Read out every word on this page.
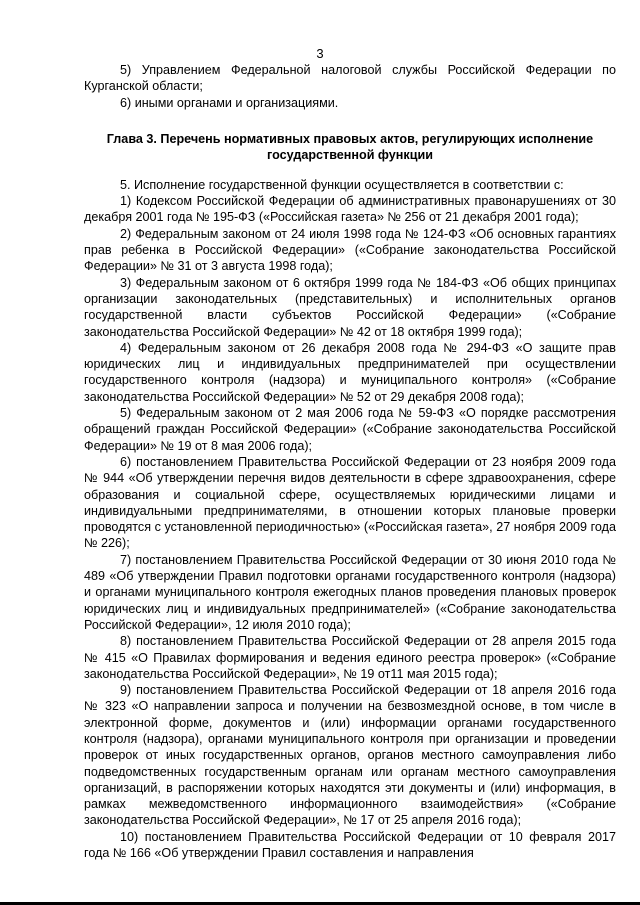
3

5) Управлением Федеральной налоговой службы Российской Федерации по Курганской области;

6) иными органами и организациями.

Глава 3. Перечень нормативных правовых актов, регулирующих исполнение государственной функции

5. Исполнение государственной функции осуществляется в соответствии с:

1) Кодексом Российской Федерации об административных правонарушениях от 30 декабря 2001 года № 195-ФЗ («Российская газета» № 256 от 21 декабря 2001 года);

2) Федеральным законом от 24 июля 1998 года № 124-ФЗ «Об основных гарантиях прав ребенка в Российской Федерации» («Собрание законодательства Российской Федерации» № 31 от 3 августа 1998 года);

3) Федеральным законом от 6 октября 1999 года № 184-ФЗ «Об общих принципах организации законодательных (представительных) и исполнительных органов государственной власти субъектов Российской Федерации» («Собрание законодательства Российской Федерации» № 42 от 18 октября 1999 года);

4) Федеральным законом от 26 декабря 2008 года № 294-ФЗ «О защите прав юридических лиц и индивидуальных предпринимателей при осуществлении государственного контроля (надзора) и муниципального контроля» («Собрание законодательства Российской Федерации» № 52 от 29 декабря 2008 года);

5) Федеральным законом от 2 мая 2006 года № 59-ФЗ «О порядке рассмотрения обращений граждан Российской Федерации» («Собрание законодательства Российской Федерации» № 19 от 8 мая 2006 года);

6) постановлением Правительства Российской Федерации от 23 ноября 2009 года № 944 «Об утверждении перечня видов деятельности в сфере здравоохранения, сфере образования и социальной сфере, осуществляемых юридическими лицами и индивидуальными предпринимателями, в отношении которых плановые проверки проводятся с установленной периодичностью» («Российская газета», 27 ноября 2009 года № 226);

7) постановлением Правительства Российской Федерации от 30 июня 2010 года № 489 «Об утверждении Правил подготовки органами государственного контроля (надзора) и органами муниципального контроля ежегодных планов проведения плановых проверок юридических лиц и индивидуальных предпринимателей» («Собрание законодательства Российской Федерации», 12 июля 2010 года);

8) постановлением Правительства Российской Федерации от 28 апреля 2015 года № 415 «О Правилах формирования и ведения единого реестра проверок» («Собрание законодательства Российской Федерации», № 19 от11 мая 2015 года);

9) постановлением Правительства Российской Федерации от 18 апреля 2016 года № 323 «О направлении запроса и получении на безвозмездной основе, в том числе в электронной форме, документов и (или) информации органами государственного контроля (надзора), органами муниципального контроля при организации и проведении проверок от иных государственных органов, органов местного самоуправления либо подведомственных государственным органам или органам местного самоуправления организаций, в распоряжении которых находятся эти документы и (или) информация, в рамках межведомственного информационного взаимодействия» («Собрание законодательства Российской Федерации», № 17 от 25 апреля 2016 года);

10) постановлением Правительства Российской Федерации от 10 февраля 2017 года № 166 «Об утверждении Правил составления и направления
